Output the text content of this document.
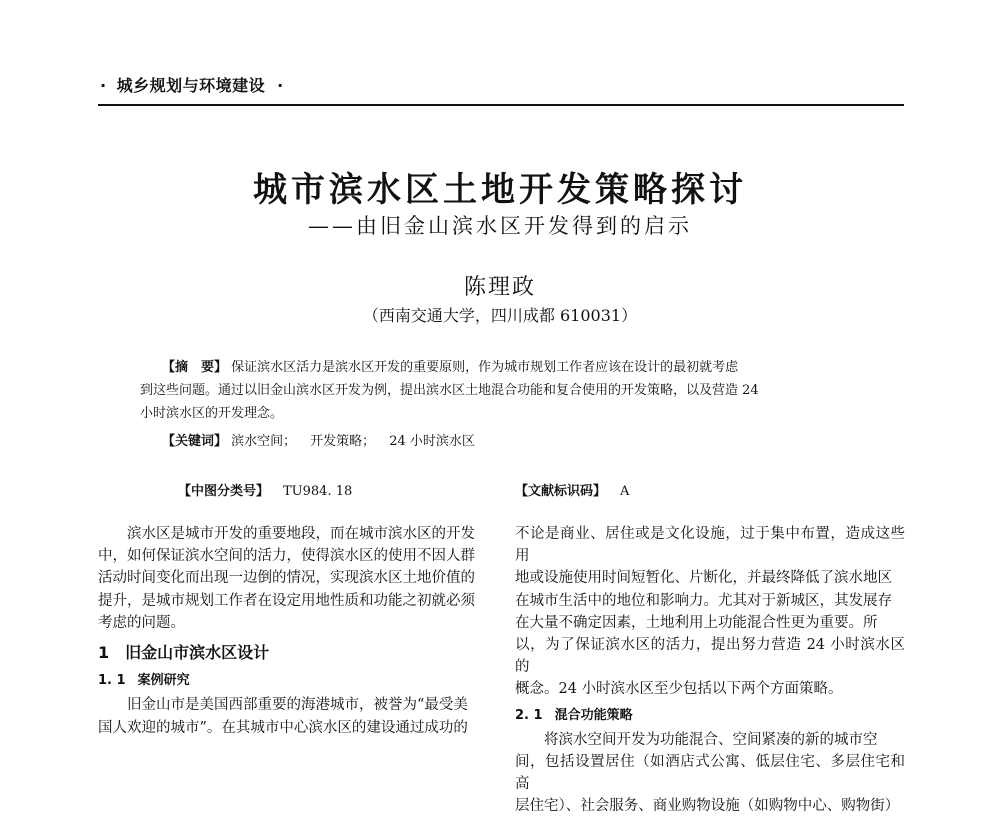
· 城乡规划与环境建设 ·
城市滨水区土地开发策略探讨
——由旧金山滨水区开发得到的启示
陈理政
（西南交通大学，四川成都 610031）
【摘　要】 保证滨水区活力是滨水区开发的重要原则，作为城市规划工作者应该在设计的最初就考虑
到这些问题。通过以旧金山滨水区开发为例，提出滨水区土地混合功能和复合使用的开发策略，以及营造 24
小时滨水区的开发理念。
【关键词】 滨水空间； 开发策略； 24 小时滨水区
【中图分类号】 TU984. 18	【文献标识码】 A

滨水区是城市开发的重要地段，而在城市滨水区的开发

中，如何保证滨水空间的活力，使得滨水区的使用不因人群

活动时间变化而出现一边倒的情况，实现滨水区土地价值的

提升，是城市规划工作者在设定用地性质和功能之初就必须

考虑的问题。

1　旧金山市滨水区设计
1. 1 案例研究

旧金山市是美国西部重要的海港城市，被誉为“最受美

国人欢迎的城市”。在其城市中心滨水区的建设通过成功的

不论是商业、居住或是文化设施，过于集中布置，造成这些用

地或设施使用时间短暂化、片断化，并最终降低了滨水地区

在城市生活中的地位和影响力。尤其对于新城区，其发展存

在大量不确定因素，土地利用上功能混合性更为重要。所

以，为了保证滨水区的活力，提出努力营造 24 小时滨水区的

概念。24 小时滨水区至少包括以下两个方面策略。

2. 1 混合功能策略

将滨水空间开发为功能混合、空间紧凑的新的城市空

间，包括设置居住（如酒店式公寓、低层住宅、多层住宅和高

层住宅）、社会服务、商业购物设施（如购物中心、购物街）
